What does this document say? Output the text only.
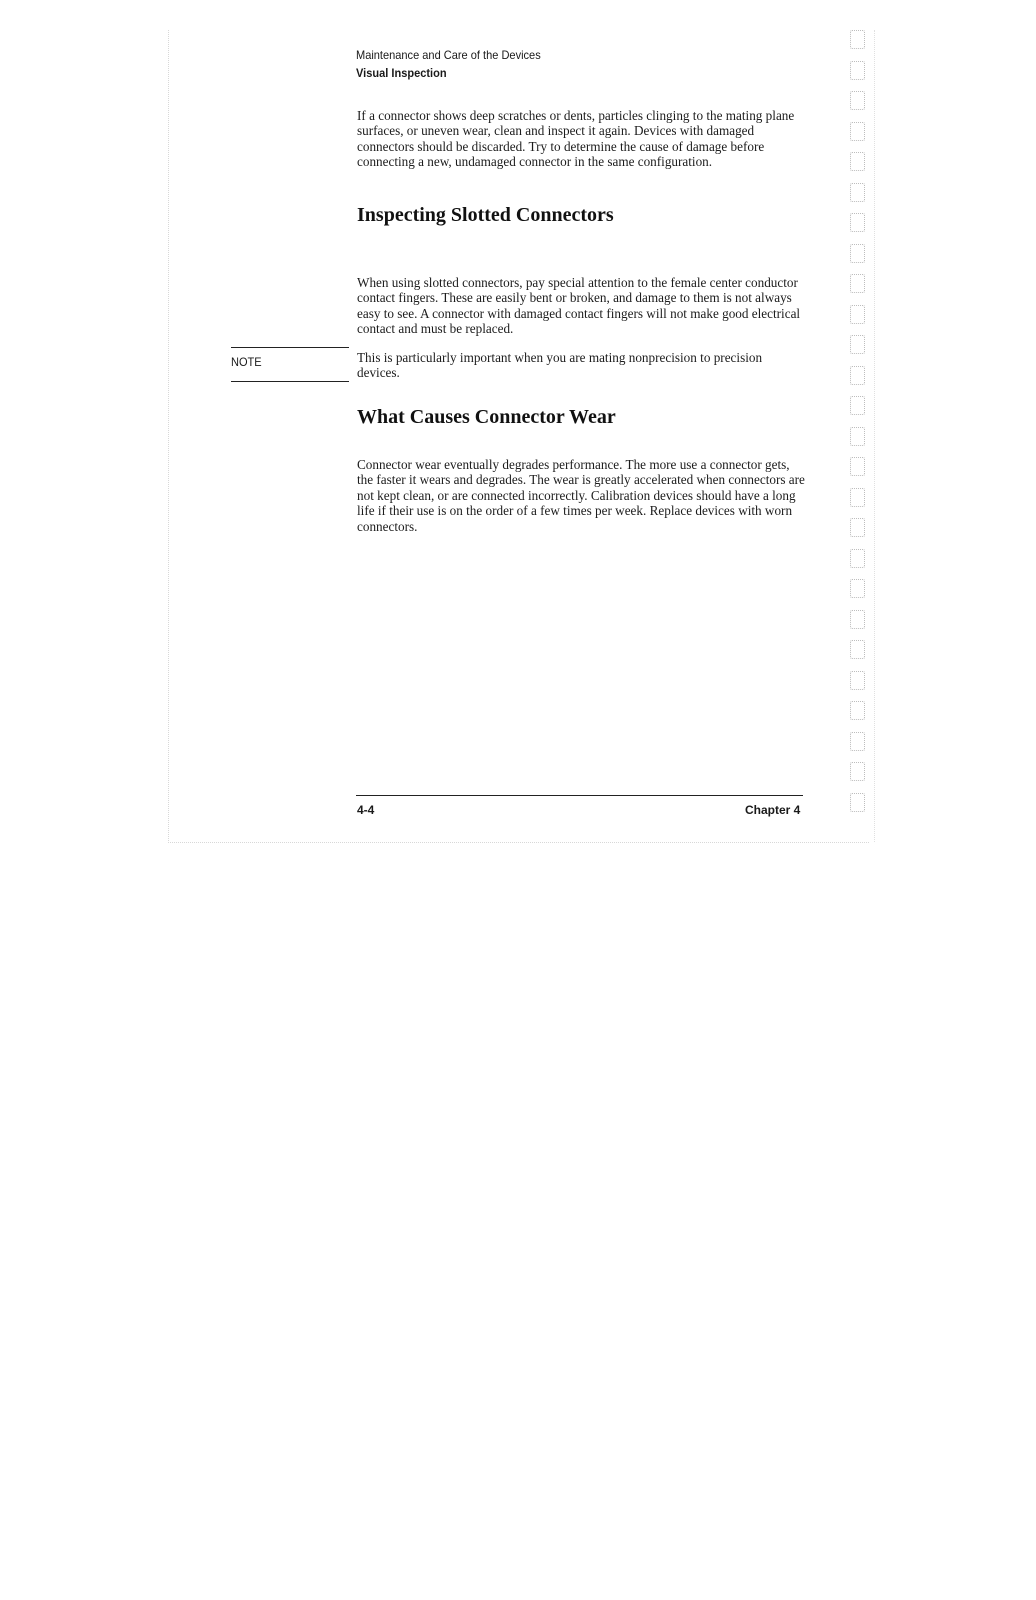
Maintenance and Care of the Devices
Visual Inspection

If a connector shows deep scratches or dents, particles clinging to the mating plane surfaces, or uneven wear, clean and inspect it again. Devices with damaged connectors should be discarded. Try to determine the cause of damage before connecting a new, undamaged connector in the same configuration.

Inspecting Slotted Connectors

When using slotted connectors, pay special attention to the female center conductor contact fingers. These are easily bent or broken, and damage to them is not always easy to see. A connector with damaged contact fingers will not make good electrical contact and must be replaced.

NOTE	This is particularly important when you are mating nonprecision to precision devices.

What Causes Connector Wear

Connector wear eventually degrades performance. The more use a connector gets, the faster it wears and degrades. The wear is greatly accelerated when connectors are not kept clean, or are connected incorrectly. Calibration devices should have a long life if their use is on the order of a few times per week. Replace devices with worn connectors.

4-4	Chapter 4
